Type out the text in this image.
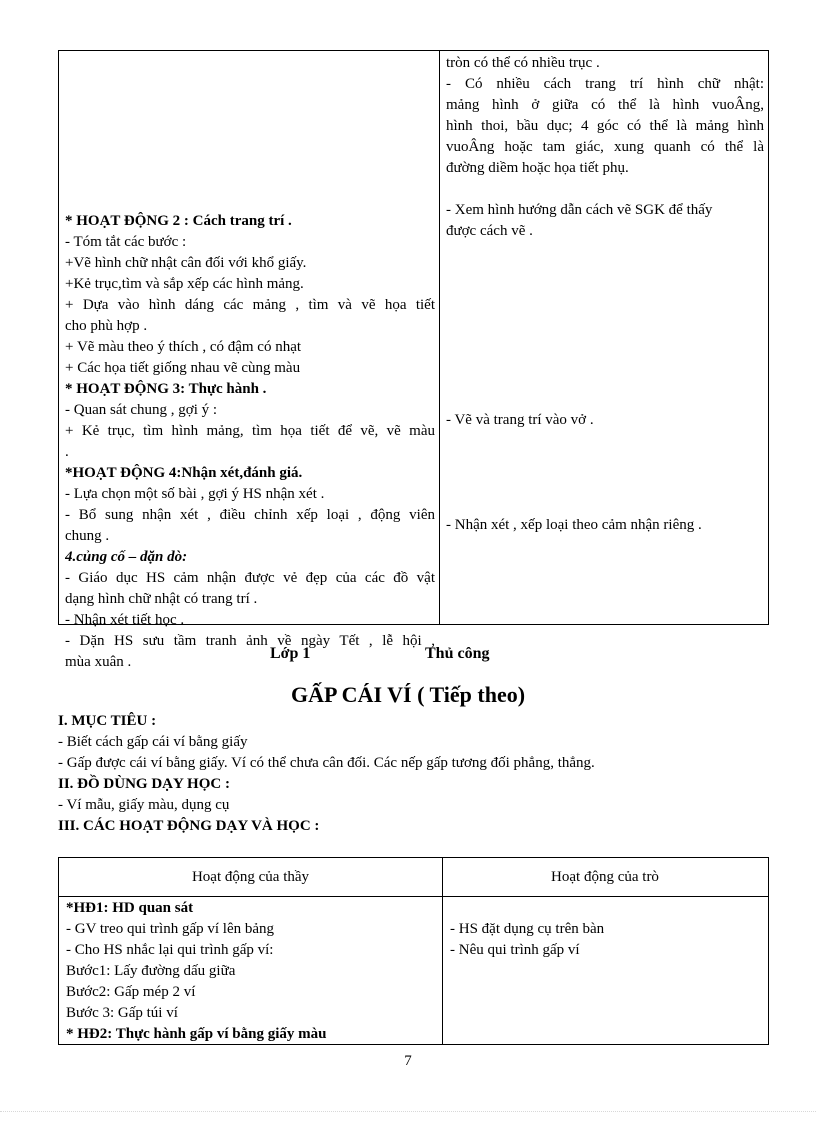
* HOẠT ĐỘNG 2 : Cách trang trí .
- Tóm tắt các bước :
+Vẽ hình chữ nhật cân đối với khổ giấy.
+Kẻ trục,tìm và sắp xếp các hình mảng.
+ Dựa vào hình dáng các mảng , tìm và vẽ họa tiết
cho phù hợp .
+ Vẽ màu theo ý thích , có đậm có nhạt
+ Các họa tiết giống nhau vẽ cùng màu
* HOẠT ĐỘNG 3: Thực hành .
- Quan sát chung , gợi ý :
+ Kẻ trục, tìm hình mảng, tìm họa tiết để vẽ, vẽ màu
.
*HOẠT ĐỘNG 4:Nhận xét,đánh giá.
- Lựa chọn một số bài , gợi ý HS nhận xét .
- Bổ sung nhận xét , điều chỉnh xếp loại , động viên
chung .
4.củng cố – dặn dò:
- Giáo dục HS cảm nhận được vẻ đẹp của các đồ vật
dạng hình chữ nhật có trang trí .
- Nhận xét tiết học .
- Dặn HS sưu tầm tranh ảnh về ngày Tết , lễ hội ,
mùa xuân .
tròn có thể có nhiều trục .
- Có nhiều cách trang trí hình chữ nhật:
mảng hình ở giữa có thể là hình vuoÂng,
hình thoi, bầu dục; 4 góc có thể là mảng hình
vuoÂng hoặc tam giác, xung quanh có thể là
đường diềm hoặc họa tiết phụ.

- Xem hình hướng dẫn cách vẽ SGK để thấy
được cách vẽ .

- Vẽ và trang trí vào vở .

- Nhận xét , xếp loại theo cảm nhận riêng .
Lớp 1	Thủ công
GẤP CÁI VÍ ( Tiếp theo)
I. MỤC TIÊU :
- Biết cách gấp cái ví bằng giấy
- Gấp được cái ví bằng giấy. Ví có thể chưa cân đối. Các nếp gấp tương đối phẳng, thẳng.
II. ĐỒ DÙNG DẠY HỌC :
- Ví mẫu, giấy màu, dụng cụ
III. CÁC HOẠT ĐỘNG DẠY VÀ HỌC :
Hoạt động của thầy	Hoạt động của trò
*HĐ1: HD quan sát
- GV treo qui trình gấp ví lên bảng
- Cho HS nhắc lại qui trình gấp ví:
Bước1: Lấy đường dấu giữa
Bước2: Gấp mép 2 ví
Bước 3: Gấp túi ví
* HĐ2: Thực hành gấp ví bằng giấy màu
- HS đặt dụng cụ trên bàn
- Nêu qui trình gấp ví
7
